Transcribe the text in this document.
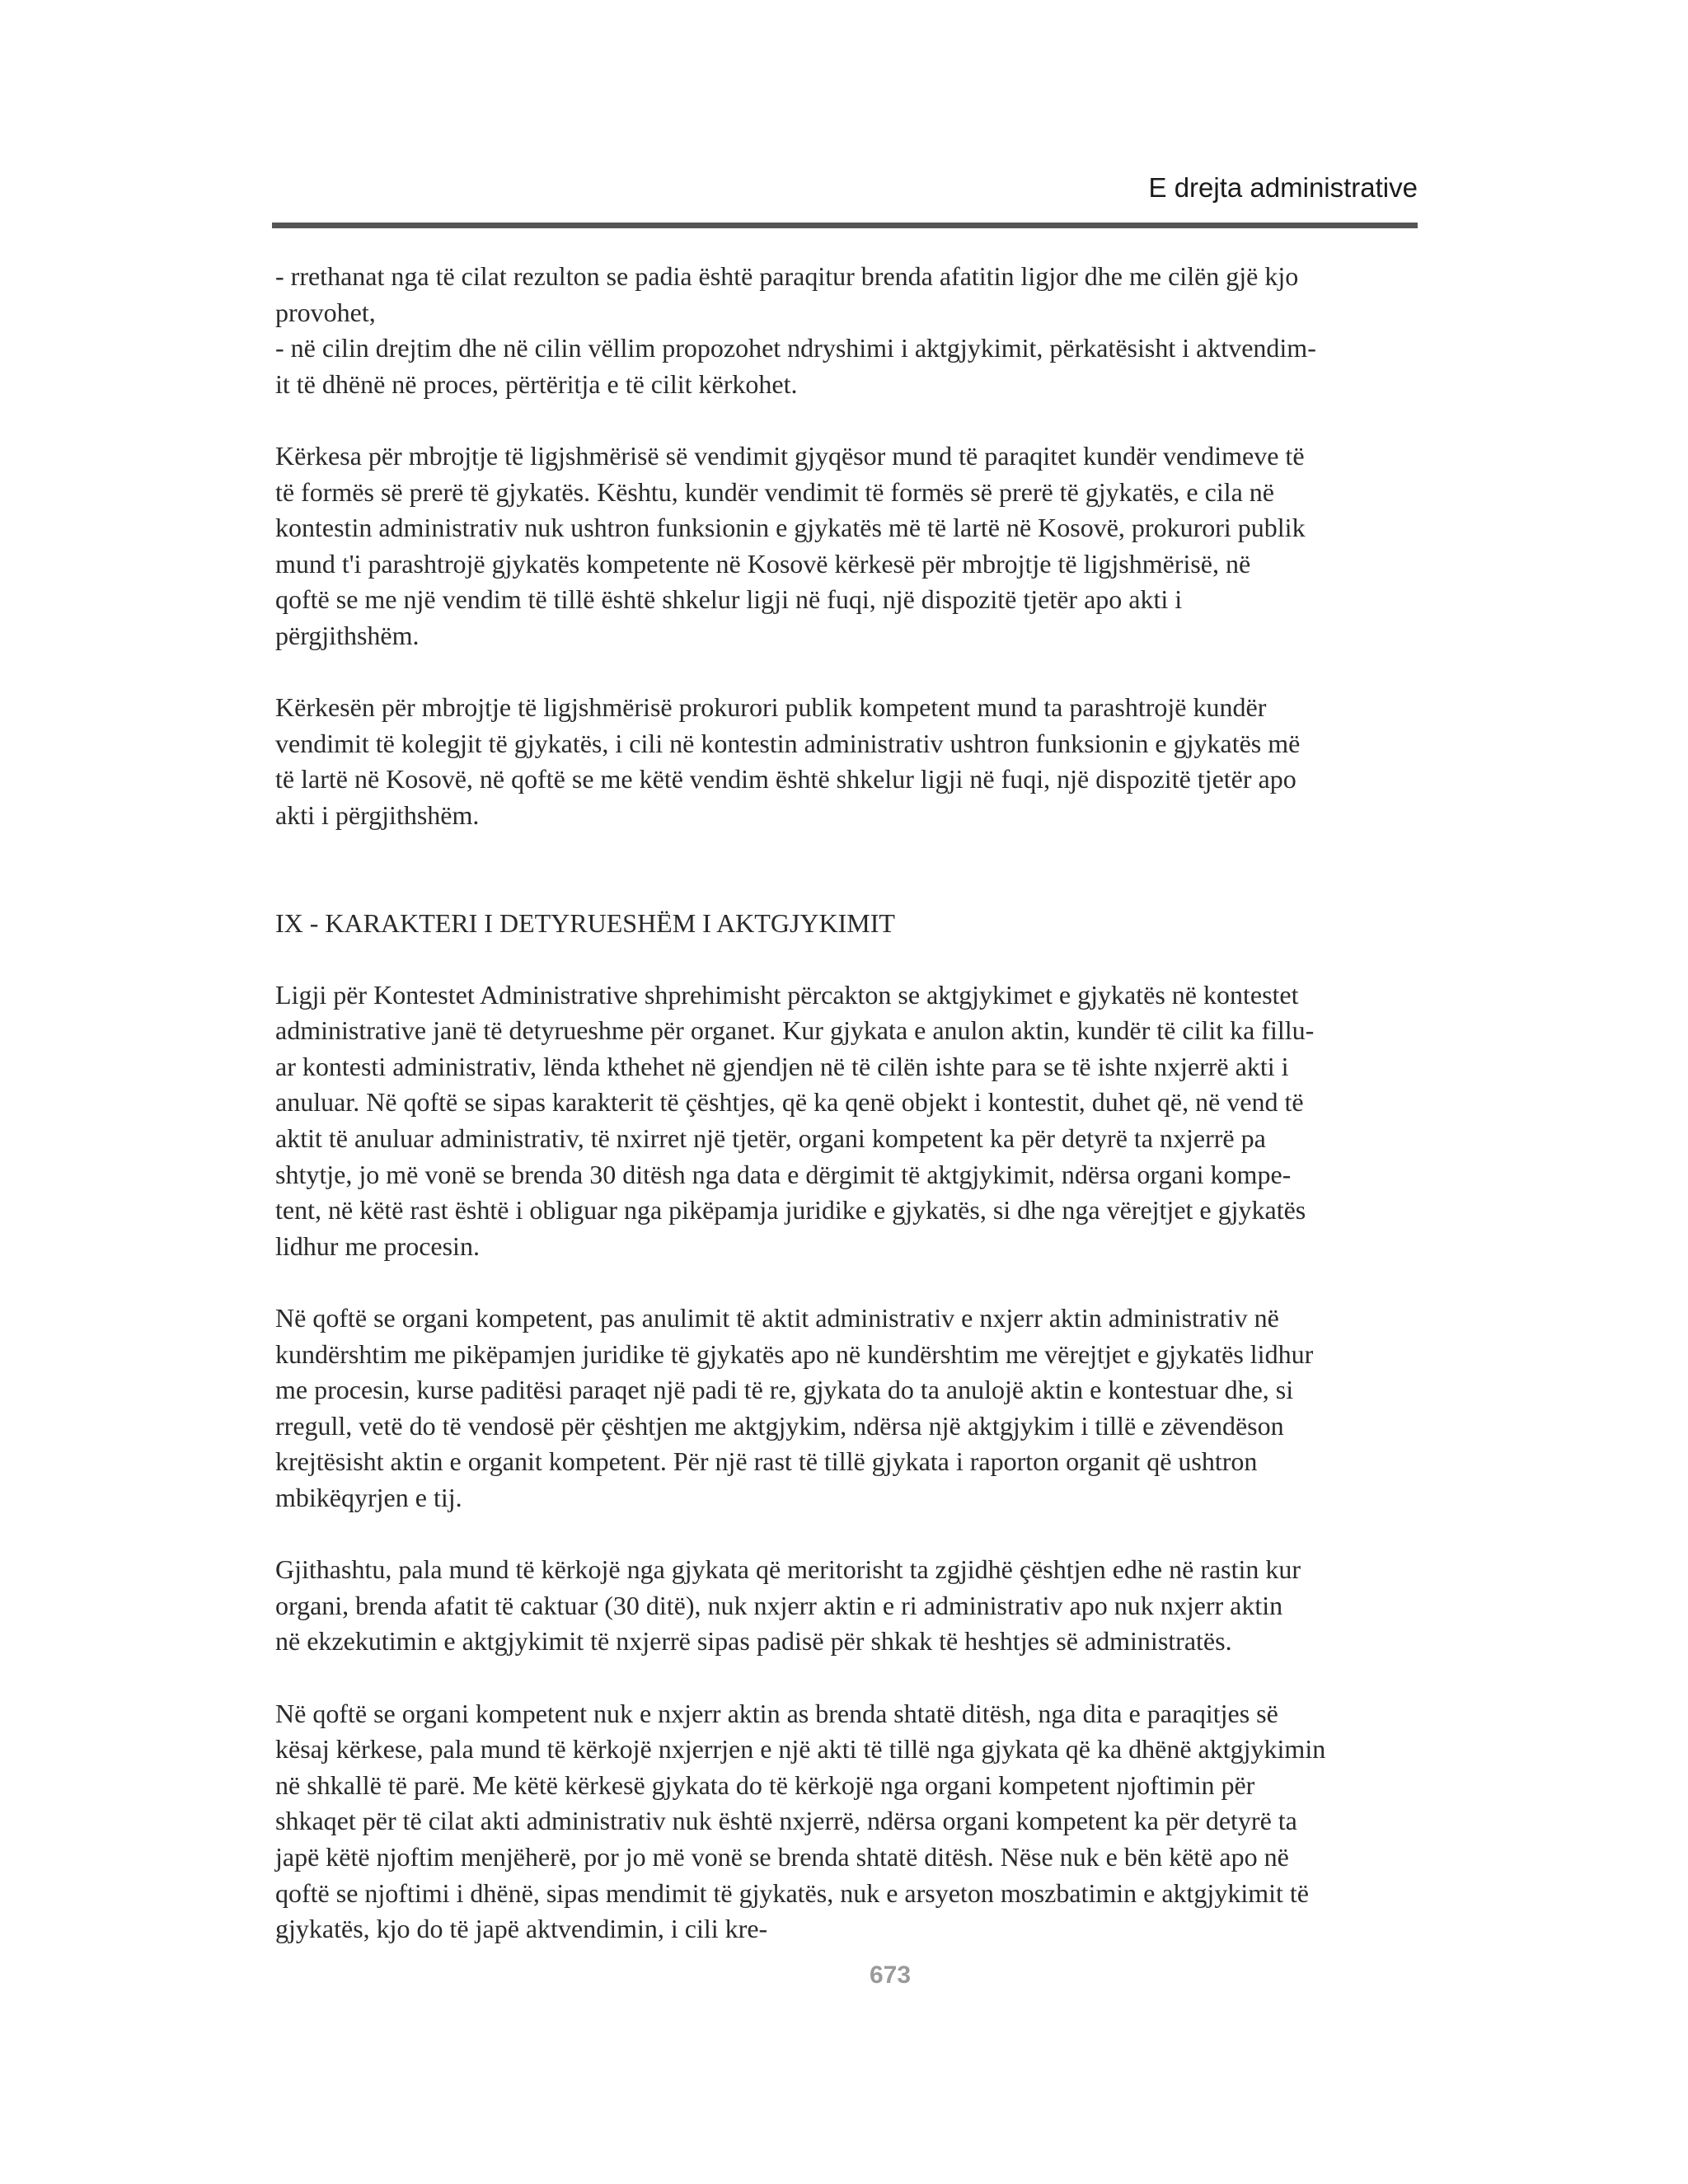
E drejta administrative
- rrethanat nga të cilat rezulton se padia është paraqitur brenda afatitin ligjor dhe me cilën gjë kjo
provohet,
- në cilin drejtim dhe në cilin vëllim propozohet ndryshimi i aktgjykimit, përkatësisht i aktvendim-
it të dhënë në proces, përtëritja e të cilit kërkohet.
Kërkesa për mbrojtje të ligjshmërisë së vendimit gjyqësor mund të paraqitet kundër vendimeve të
të formës së prerë të gjykatës. Kështu, kundër vendimit të formës së prerë të gjykatës, e cila në
kontestin administrativ nuk ushtron funksionin e gjykatës më të lartë në Kosovë, prokurori publik
mund t'i parashtrojë gjykatës kompetente në Kosovë kërkesë për mbrojtje të ligjshmërisë, në
qoftë se me një vendim të tillë është shkelur ligji në fuqi, një dispozitë tjetër apo akti i
përgjithshëm.
Kërkesën për mbrojtje të ligjshmërisë prokurori publik kompetent mund ta parashtrojë kundër
vendimit të kolegjit të gjykatës, i cili në kontestin administrativ ushtron funksionin e gjykatës më
të lartë në Kosovë, në qoftë se me këtë vendim është shkelur ligji në fuqi, një dispozitë tjetër apo
akti i përgjithshëm.
IX - KARAKTERI I DETYRUESHËM I AKTGJYKIMIT
Ligji për Kontestet Administrative shprehimisht përcakton se aktgjykimet e gjykatës në kontestet
administrative janë të detyrueshme për organet. Kur gjykata e anulon aktin, kundër të cilit ka fillu-
ar kontesti administrativ, lënda kthehet në gjendjen në të cilën ishte para se të ishte nxjerrë akti i
anuluar. Në qoftë se sipas karakterit të çështjes, që ka qenë objekt i kontestit, duhet që, në vend të
aktit të anuluar administrativ, të nxirret një tjetër, organi kompetent ka për detyrë ta nxjerrë pa
shtytje, jo më vonë se brenda 30 ditësh nga data e dërgimit të aktgjykimit, ndërsa organi kompe-
tent, në këtë rast është i obliguar nga pikëpamja juridike e gjykatës, si dhe nga vërejtjet e gjykatës
lidhur me procesin.
Në qoftë se organi kompetent, pas anulimit të aktit administrativ e nxjerr aktin administrativ në
kundërshtim me pikëpamjen juridike të gjykatës apo në kundërshtim me vërejtjet e gjykatës lidhur
me procesin, kurse paditësi paraqet një padi të re, gjykata do ta anulojë aktin e kontestuar dhe, si
rregull, vetë do të vendosë për çështjen me aktgjykim, ndërsa një aktgjykim i tillë e zëvendëson
krejtësisht aktin e organit kompetent. Për një rast të tillë gjykata i raporton organit që ushtron
mbikëqyrjen e tij.
Gjithashtu, pala mund të kërkojë nga gjykata që meritorisht ta zgjidhë çështjen edhe në rastin kur
organi, brenda afatit të caktuar (30 ditë), nuk nxjerr aktin e ri administrativ apo nuk nxjerr aktin
në ekzekutimin e aktgjykimit të nxjerrë sipas padisë për shkak të heshtjes së administratës.
Në qoftë se organi kompetent nuk e nxjerr aktin as brenda shtatë ditësh, nga dita e paraqitjes së
kësaj kërkese, pala mund të kërkojë nxjerrjen e një akti të tillë nga gjykata që ka dhënë aktgjykimin
në shkallë të parë. Me këtë kërkesë gjykata do të kërkojë nga organi kompetent njoftimin për
shkaqet për të cilat akti administrativ nuk është nxjerrë, ndërsa organi kompetent ka për detyrë ta
japë këtë njoftim menjëherë, por jo më vonë se brenda shtatë ditësh. Nëse nuk e bën këtë apo në
qoftë se njoftimi i dhënë, sipas mendimit të gjykatës, nuk e arsyeton moszbatimin e aktgjykimit të
gjykatës, kjo do të japë aktvendimin, i cili kre-
673
